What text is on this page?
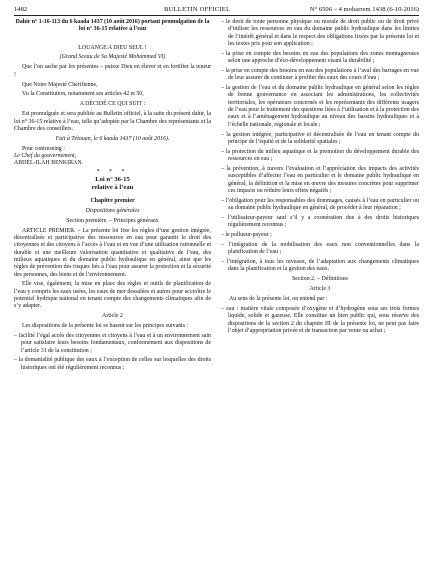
1482	BULLETIN OFFICIEL	N° 6506 – 4 moharrem 1438 (6-10-2016)

Dahir n° 1-16-113 du 6 kaada 1437 (10 août 2016) portant promulgation de la loi n° 36-15 relative à l’eau

LOUANGE A DIEU SEUL !

(Grand Sceau de Sa Majesté Mohammed VI)

Que l’on sache par les présentes – puisse Dieu en élever et en fortifier la teneur !

Que Notre Majesté Chérifienne,

Vu la Constitution, notamment ses articles 42 et 50,

A DÉCIDÉ CE QUI SUIT :

Est promulguée et sera publiée au Bulletin officiel, à la suite du présent dahir, la loi n° 36-15 relative à l’eau, telle qu’adoptée par la Chambre des représentants et la Chambre des conseillers.

Fait à Tétouan, le 6 kaada 1437 (10 août 2016).

Pour contreseing :

Le Chef du gouvernement,

ABDEL-ILAH BENKIRAN.

* * *

Loi n° 36-15
relative à l’eau

Chapitre premier

Dispositions générales

Section première. – Principes généraux

ARTICLE PREMIER. – La présente loi fixe les règles d’une gestion intégrée, décentralisée et participative des ressources en eau pour garantir le droit des citoyennes et des citoyens à l’accès à l’eau et en vue d’une utilisation rationnelle et durable et une meilleure valorisation quantitative et qualitative de l’eau, des milieux aquatiques et du domaine public hydraulique en général, ainsi que les règles de prévention des risques liés à l’eau pour assurer la protection et la sécurité des personnes, des biens et de l’environnement.

Elle vise, également, la mise en place des règles et outils de planification de l’eau y compris les eaux usées, les eaux de mer dessalées et autres pour accroître le potentiel hydrique national en tenant compte des changements climatiques afin de s’y adapter.

Article 2

Les dispositions de la présente loi se basent sur les principes suivants :

– facilité l’égal accès des citoyennes et citoyens à l’eau et à un environnement sain pour satisfaire leurs besoins fondamentaux, conformément aux dispositions de l’article 31 de la constitution ;

– la domanialité publique des eaux à l’exception de celles sur lesquelles des droits historiques ont été régulièrement reconnus ;

– le droit de toute personne physique ou morale de droit public ou de droit privé d’utiliser les ressources en eau du domaine public hydraulique dans les limites de l’intérêt général et dans le respect des obligations fixées par la présente loi et les textes pris pour son application ;

– la prise en compte des besoins en eau des populations des zones montagneuses selon une approche d’éco-développement visant la durabilité ;

– la prise en compte des besoins en eau des populations à l’aval des barrages en vue de leur assurer de continuer à profiter des eaux des cours d’eau ;

– la gestion de l’eau et du domaine public hydraulique en général selon les règles de bonne gouvernance en associant les administrations, les collectivités territoriales, les opérateurs concernés et les représentants des différents usagers de l’eau pour le traitement des questions liées à l’utilisation et à la protection des eaux et à l’aménagement hydraulique au niveau des bassins hydrauliques et à l’échelle nationale, régionale et locale ;

– la gestion intégrée, participative et décentralisée de l’eau en tenant compte du principe de l’équité et de la solidarité spatiales ;

– la protection du milieu aquatique et la promotion du développement durable des ressources en eau ;

– la prévention, à travers l’évaluation et l’appréciation des impacts des activités susceptibles d’affecter l’eau en particulier et le domaine public hydraulique en général, la définition et la mise en œuvre des mesures concrètes pour supprimer ces impacts ou réduire leurs effets négatifs ;

– l’obligation pour les responsables des dommages, causés à l’eau en particulier ou au domaine public hydraulique en général, de procéder à leur réparation ;

– l’utilisateur-payeur sauf s’il y a exonération due à des droits historiques régulièrement reconnus ;

– le pollueur-payeur ;

– l’intégration de la mobilisation des eaux non conventionnelles dans la planification de l’eau ;

– l’intégration, à tous les niveaux, de l’adaptation aux changements climatiques dans la planification et la gestion des eaux.

Section 2. – Définitions

Article 3

Au sens de la présente loi, on entend par :

– eau : matière vitale composée d’oxygène et d’hydrogène sous ses trois formes liquide, solide et gazeuse. Elle constitue un bien public qui, sous réserve des dispositions de la section 2 du chapitre III de la présente loi, ne peut pas faire l’objet d’appropriation privée et de transaction par vente ou achat ;
